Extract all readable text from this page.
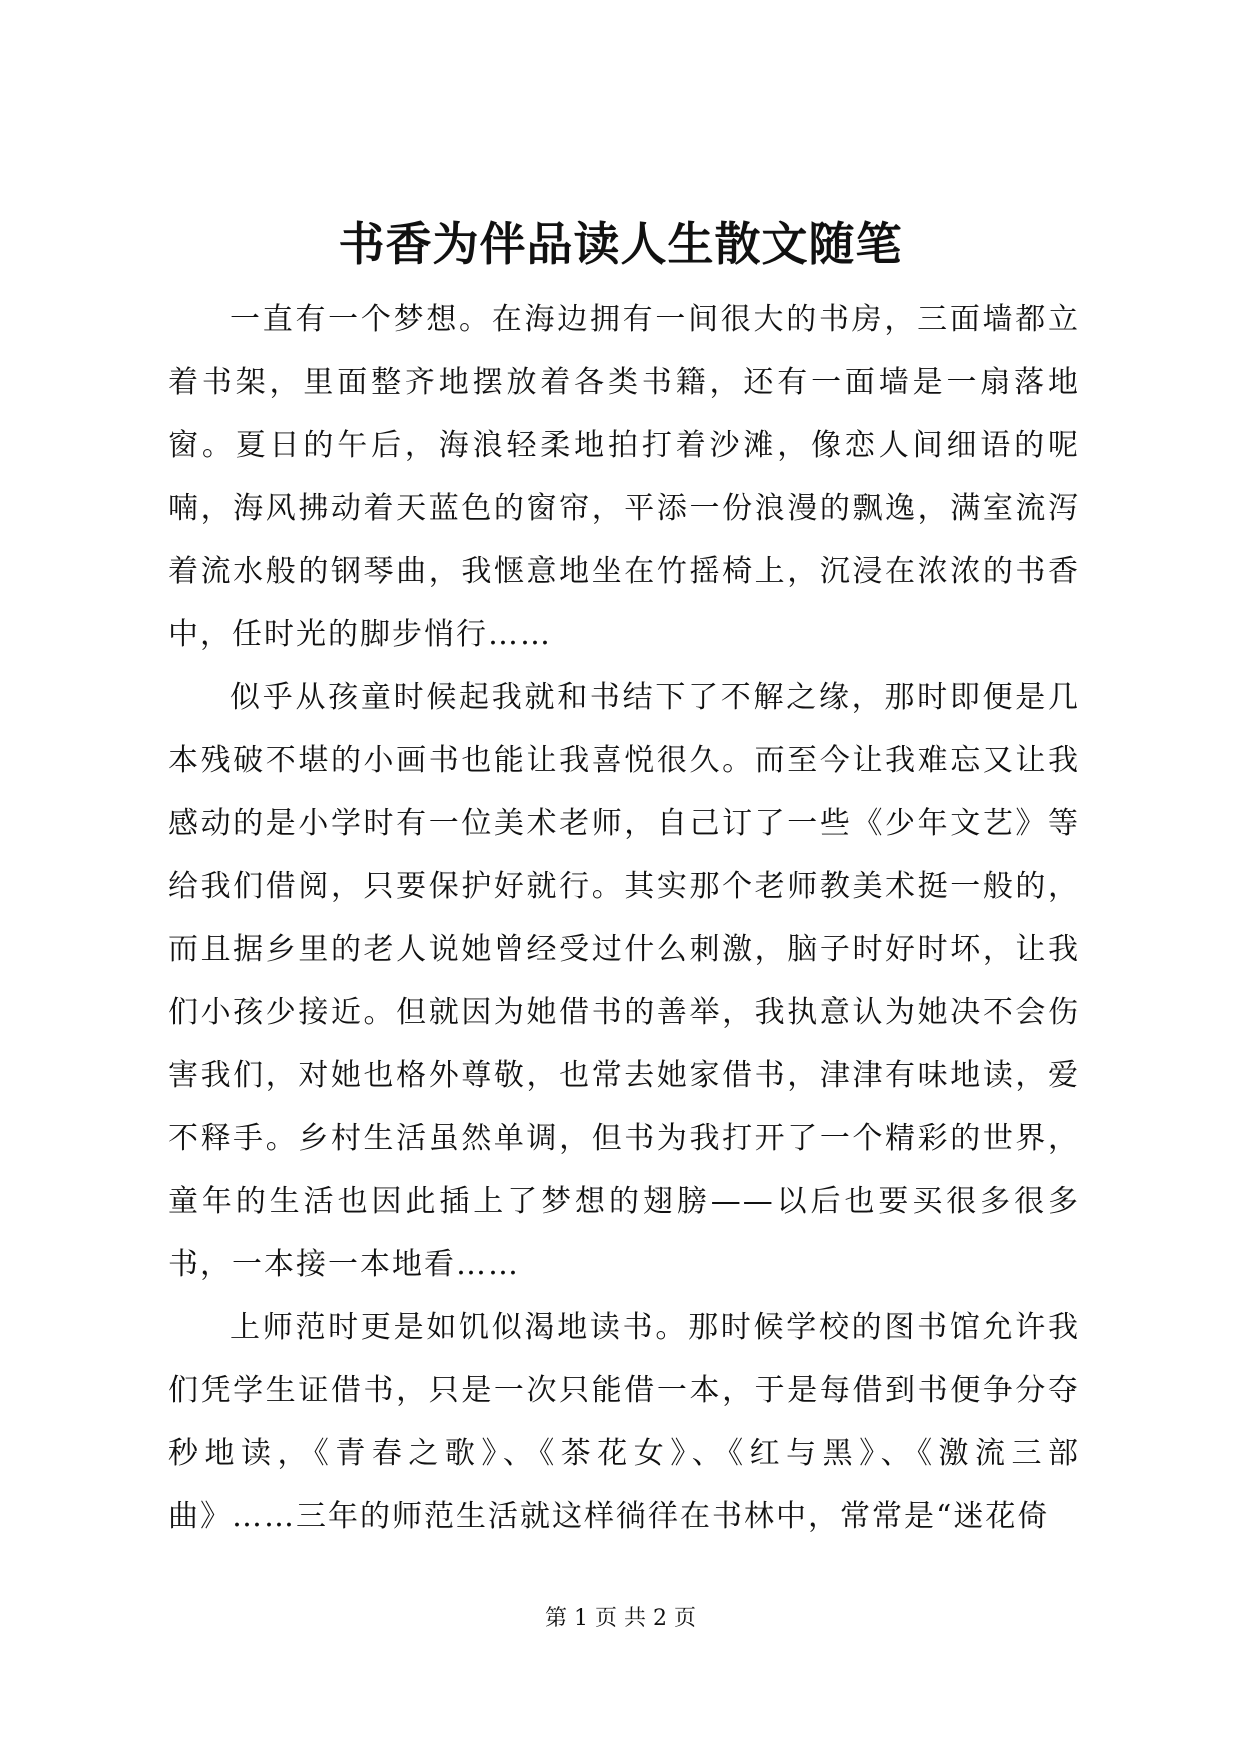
书香为伴品读人生散文随笔

一直有一个梦想。在海边拥有一间很大的书房，三面墙都立着书架，里面整齐地摆放着各类书籍，还有一面墙是一扇落地窗。夏日的午后，海浪轻柔地拍打着沙滩，像恋人间细语的呢喃，海风拂动着天蓝色的窗帘，平添一份浪漫的飘逸，满室流泻着流水般的钢琴曲，我惬意地坐在竹摇椅上，沉浸在浓浓的书香中，任时光的脚步悄行……

似乎从孩童时候起我就和书结下了不解之缘，那时即便是几本残破不堪的小画书也能让我喜悦很久。而至今让我难忘又让我感动的是小学时有一位美术老师，自己订了一些《少年文艺》等给我们借阅，只要保护好就行。其实那个老师教美术挺一般的，而且据乡里的老人说她曾经受过什么刺激，脑子时好时坏，让我们小孩少接近。但就因为她借书的善举，我执意认为她决不会伤害我们，对她也格外尊敬，也常去她家借书，津津有味地读，爱不释手。乡村生活虽然单调，但书为我打开了一个精彩的世界，童年的生活也因此插上了梦想的翅膀——以后也要买很多很多书，一本接一本地看……

上师范时更是如饥似渴地读书。那时候学校的图书馆允许我们凭学生证借书，只是一次只能借一本，于是每借到书便争分夺秒地读，《青春之歌》、《茶花女》、《红与黑》、《激流三部曲》……三年的师范生活就这样徜徉在书林中，常常是“迷花倚

第 1 页 共 2 页
